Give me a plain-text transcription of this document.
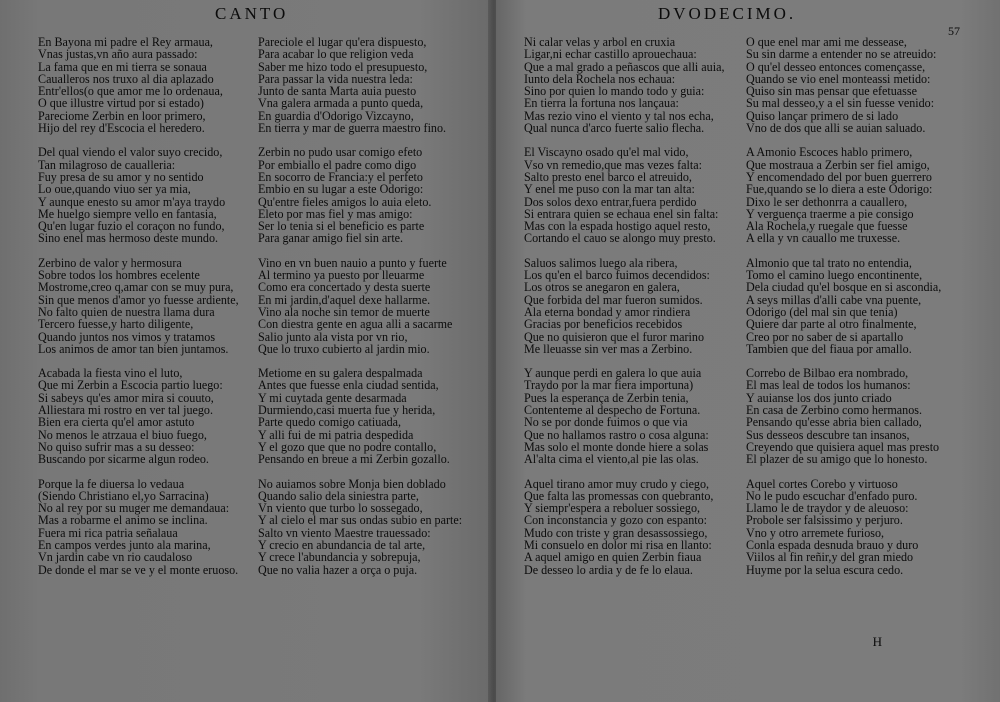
CANTO
En Bayona mi padre el Rey armaua,
Vnas justas,vn año aura passado:
La fama que en mi tierra se sonaua
Caualleros nos truxo al dia aplazado
Entr'ellos(o que amor me lo ordenaua,
O que illustre virtud por si estado)
Pareciome Zerbin en loor primero,
Hijo del rey d'Escocia el heredero.
Del qual viendo el valor suyo crecido,
Tan milagroso de caualleria:
Fuy presa de su amor y no sentido
Lo oue,quando viuo ser ya mia,
Y aunque enesto su amor m'aya traydo
Me huelgo siempre vello en fantasia,
Qu'en lugar fuzio el coraçon no fundo,
Sino enel mas hermoso deste mundo.
Zerbino de valor y hermosura
Sobre todos los hombres ecelente
Mostrome,creo q,amar con se muy pura,
Sin que menos d'amor yo fuesse ardiente,
No falto quien de nuestra llama dura
Tercero fuesse,y harto diligente,
Quando juntos nos vimos y tratamos
Los animos de amor tan bien juntamos.
Acabada la fiesta vino el luto,
Que mi Zerbin a Escocia partio luego:
Si sabeys qu'es amor mira si couuto,
Alliestara mi rostro en ver tal juego.
Bien era cierta qu'el amor astuto
No menos le atrzaua el biuo fuego,
No quiso sufrir mas a su desseo:
Buscando por sicarme algun rodeo.
Porque la fe diuersa lo vedaua
(Siendo Christiano el,yo Sarracina)
No al rey por su muger me demandaua:
Mas a robarme el animo se inclina.
Fuera mi rica patria señalaua
En campos verdes junto ala marina,
Vn jardin cabe vn rio caudaloso
De donde el mar se ve y el monte eruoso.
Pareciole el lugar qu'era dispuesto,
Para acabar lo que religion veda
Saber me hizo todo el presupuesto,
Para passar la vida nuestra leda:
Junto de santa Marta auia puesto
Vna galera armada a punto queda,
En guardia d'Odorigo Vizcayno,
En tierra y mar de guerra maestro fino.
Zerbin no pudo usar comigo efeto
Por embiallo el padre como digo
En socorro de Francia:y el perfeto
Embio en su lugar a este Odorigo:
Qu'entre fieles amigos lo auia eleto.
Eleto por mas fiel y mas amigo:
Ser lo tenia si el beneficio es parte
Para ganar amigo fiel sin arte.
Vino en vn buen nauio a punto y fuerte
Al termino ya puesto por lleuarme
Como era concertado y desta suerte
En mi jardin,d'aquel dexe hallarme.
Vino ala noche sin temor de muerte
Con diestra gente en agua alli a sacarme
Salio junto ala vista por vn rio,
Que lo truxo cubierto al jardin mio.
Metiome en su galera despalmada
Antes que fuesse enla ciudad sentida,
Y mi cuytada gente desarmada
Durmiendo,casi muerta fue y herida,
Parte quedo comigo catiuada,
Y alli fui de mi patria despedida
Y el gozo que que no podre contallo,
Pensando en breue a mi Zerbin gozallo.
No auiamos sobre Monja bien doblado
Quando salio dela siniestra parte,
Vn viento que turbo lo sossegado,
Y al cielo el mar sus ondas subio en parte:
Salto vn viento Maestre trauessado:
Y crecio en abundancia de tal arte,
Y crece l'abundancia y sobrepuja,
Que no valia hazer a orça o puja.
DVODECIMO.
57
Ni calar velas y arbol en cruxia
Ligar,ni echar castillo aprouechaua:
Que a mal grado a peñascos que alli auia,
Iunto dela Rochela nos echaua:
Sino por quien lo mando todo y guia:
En tierra la fortuna nos lançaua:
Mas rezio vino el viento y tal nos echa,
Qual nunca d'arco fuerte salio flecha.
El Viscayno osado qu'el mal vido,
Vso vn remedio,que mas vezes falta:
Salto presto enel barco el atreuido,
Y enel me puso con la mar tan alta:
Dos solos dexo entrar,fuera perdido
Si entrara quien se echaua enel sin falta:
Mas con la espada hostigo aquel resto,
Cortando el cauo se alongo muy presto.
Saluos salimos luego ala ribera,
Los qu'en el barco fuimos decendidos:
Los otros se anegaron en galera,
Que forbida del mar fueron sumidos.
Ala eterna bondad y amor rindiera
Gracias por beneficios recebidos
Que no quisieron que el furor marino
Me lleuasse sin ver mas a Zerbino.
Y aunque perdi en galera lo que auia
Traydo por la mar fiera importuna)
Pues la esperança de Zerbin tenia,
Contenteme al despecho de Fortuna.
No se por donde fuimos o que via
Que no hallamos rastro o cosa alguna:
Mas solo el monte donde hiere a solas
Al'alta cima el viento,al pie las olas.
Aquel tirano amor muy crudo y ciego,
Que falta las promessas con quebranto,
Y siempr'espera a reboluer sossiego,
Con inconstancia y gozo con espanto:
Mudo con triste y gran desassossiego,
Mi consuelo en dolor mi risa en llanto:
A aquel amigo en quien Zerbin fiaua
De desseo lo ardia y de fe lo elaua.
O que enel mar ami me dessease,
Su sin darme a entender no se atreuido:
O qu'el desseo entonces començasse,
Quando se vio enel monteassi metido:
Quiso sin mas pensar que efetuasse
Su mal desseo,y a el sin fuesse venido:
Quiso lançar primero de si lado
Vno de dos que alli se auian saluado.
A Amonio Escoces hablo primero,
Que mostraua a Zerbin ser fiel amigo,
Y encomendado del por buen guerrero
Fue,quando se lo diera a este Odorigo:
Dixo le ser dethonrra a cauallero,
Y verguença traerme a pie consigo
Ala Rochela,y ruegale que fuesse
A ella y vn cauallo me truxesse.
Almonio que tal trato no entendia,
Tomo el camino luego encontinente,
Dela ciudad qu'el bosque en si ascondia,
A seys millas d'alli cabe vna puente,
Odorigo (del mal sin que tenia)
Quiere dar parte al otro finalmente,
Creo por no saber de si apartallo
Tambien que del fiaua por amallo.
Correbo de Bilbao era nombrado,
El mas leal de todos los humanos:
Y auianse los dos junto criado
En casa de Zerbino como hermanos.
Pensando qu'esse abria bien callado,
Sus desseos descubre tan insanos,
Creyendo que quisiera aquel mas presto
El plazer de su amigo que lo honesto.
Aquel cortes Corebo y virtuoso
No le pudo escuchar d'enfado puro.
Llamo le de traydor y de aleuoso:
Probole ser falsissimo y perjuro.
Vno y otro arremete furioso,
Conla espada desnuda brauo y duro
Viilos al fin reñir,y del gran miedo
Huyme por la selua escura cedo.
H
